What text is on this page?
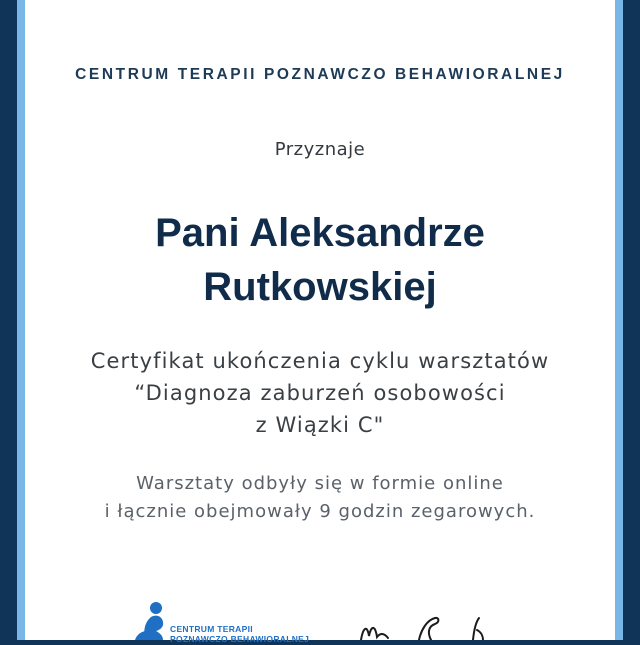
CENTRUM TERAPII POZNAWCZO BEHAWIORALNEJ
Przyznaje
Pani Aleksandrze
Rutkowskiej
Certyfikat ukończenia cyklu warsztatów
“Diagnoza zaburzeń osobowości
z Wiązki C"
Warsztaty odbyły się w formie online
i łącznie obejmowały 9 godzin zegarowych.
CENTRUM TERAPII
POZNAWCZO BEHAWIORALNEJ
